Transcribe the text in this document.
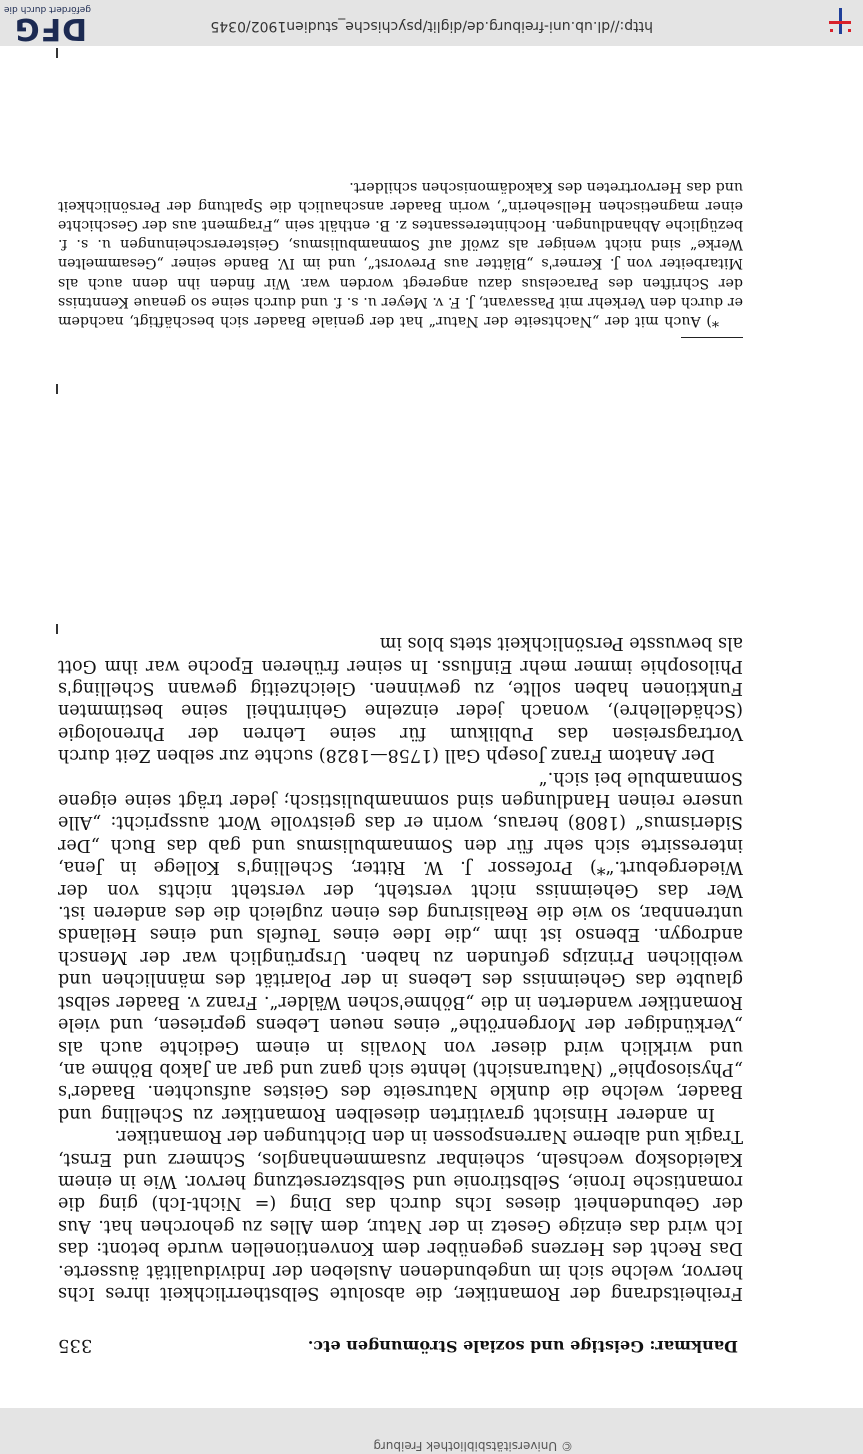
© Universitätsbibliothek Freiburg
Dankmar: Geistige und soziale Strömungen etc.
335

Freiheitsdrang der Romantiker, die absolute Selbstherrlichkeit ihres Ichs hervor, welche sich im ungebundenen Ausleben der Individualität äusserte. Das Recht des Herzens gegenüber dem Konventionellen wurde betont: das Ich wird das einzige Gesetz in der Natur, dem Alles zu gehorchen hat. Aus der Gebundenheit dieses Ichs durch das Ding (= Nicht-Ich) ging die romantische Ironie, Selbstironie und Selbstzersetzung hervor. Wie in einem Kaleidoskop wechseln, scheinbar zusammenhanglos, Schmerz und Ernst, Tragik und alberne Narrenspossen in den Dichtungen der Romantiker.

In anderer Hinsicht gravitirten dieselben Romantiker zu Schelling und Baader, welche die dunkle Naturseite des Geistes aufsuchten. Baader's „Physiosophie“ (Naturansicht) lehnte sich ganz und gar an Jakob Böhme an, und wirklich wird dieser von Novalis in einem Gedichte auch als „Verkündiger der Morgenröthe“ eines neuen Lebens gepriesen, und viele Romantiker wanderten in die „Böhme'schen Wälder“. Franz v. Baader selbst glaubte das Geheimniss des Lebens in der Polarität des männlichen und weiblichen Prinzips gefunden zu haben. Ursprünglich war der Mensch androgyn. Ebenso ist ihm „die Idee eines Teufels und eines Heilands untrennbar, so wie die Realisirung des einen zugleich die des anderen ist. Wer das Geheimniss nicht versteht, der versteht nichts von der Wiedergeburt.“*) Professor J. W. Ritter, Schelling's Kollege in Jena, interessirte sich sehr für den Somnambulismus und gab das Buch „Der Siderismus“ (1808) heraus, worin er das geistvolle Wort ausspricht: „Alle unsere reinen Handlungen sind somnambulistisch; jeder trägt seine eigene Somnambule bei sich.“

Der Anatom Franz Joseph Gall (1758—1828) suchte zur selben Zeit durch Vortragsreisen das Publikum für seine Lehren der Phrenologie (Schädellehre), wonach jeder einzelne Gehirntheil seine bestimmten Funktionen haben sollte, zu gewinnen. Gleichzeitig gewann Schelling's Philosophie immer mehr Einfluss. In seiner früheren Epoche war ihm Gott als bewusste Persönlichkeit stets blos im

*) Auch mit der „Nachtseite der Natur“ hat der geniale Baader sich beschäftigt, nachdem er durch den Verkehr mit Passavant, J. F. v. Meyer u. s. f. und durch seine so genaue Kenntniss der Schriften des Paracelsus dazu angeregt worden war. Wir finden ihn denn auch als Mitarbeiter von J. Kerner's „Blätter aus Prevorst“, und im IV. Bande seiner „Gesammelten Werke“ sind nicht weniger als zwölf auf Somnambulismus, Geistererscheinungen u. s. f. bezügliche Abhandlungen. Hochinteressantes z. B. enthält sein „Fragment aus der Geschichte einer magnetischen Hellseherin“, worin Baader anschaulich die Spaltung der Persönlichkeit und das Hervortreten des Kakodämonischen schildert.

http://dl.ub.uni-freiburg.de/diglit/psychische_studien1902/0345
DFG
gefördert durch die
